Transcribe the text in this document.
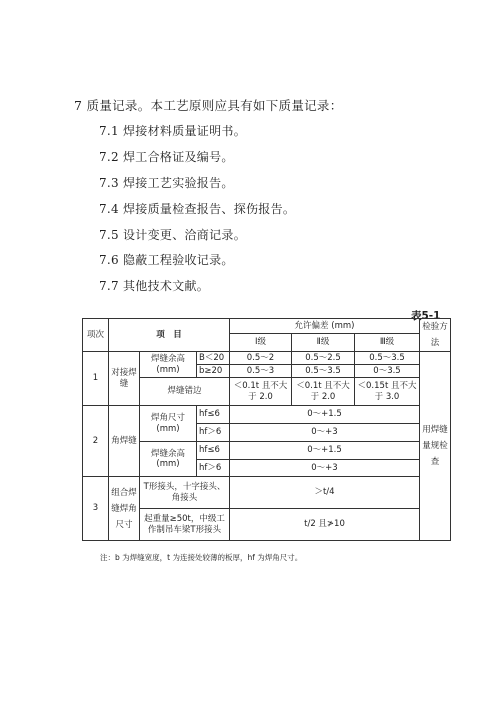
7 质量记录。本工艺原则应具有如下质量记录：
7.1 焊接材料质量证明书。
7.2 焊工合格证及编号。
7.3 焊接工艺实验报告。
7.4 焊接质量检查报告、探伤报告。
7.5 设计变更、洽商记录。
7.6 隐蔽工程验收记录。
7.7 其他技术文献。
表5-1
项次	项　目			允许偏差 (mm)			检验方法
				Ⅰ级	Ⅱ级	Ⅲ级	
1	对接焊缝	焊缝余高 (mm)	B＜20	0.5～2	0.5～2.5	0.5～3.5	用焊缝量规检查
			b≥20	0.5～3	0.5～3.5	0～3.5	
		焊缝错边		＜0.1t 且不大于 2.0	＜0.1t 且不大于 2.0	＜0.15t 且不大于 3.0	
2	角焊缝	焊角尺寸 (mm)	hf≤6	0～+1.5			
			hf＞6	0～+3			
		焊缝余高 (mm)	hf≤6	0～+1.5			
			hf＞6	0～+3			
3	组合焊缝焊角尺寸	T形接头，十字接头、角接头		＞t/4			
		起重量≥50t，中级工作制吊车梁T形接头		t/2 且≯10			
注：b 为焊缝宽度，t 为连接处较薄的板厚，hf 为焊角尺寸。
